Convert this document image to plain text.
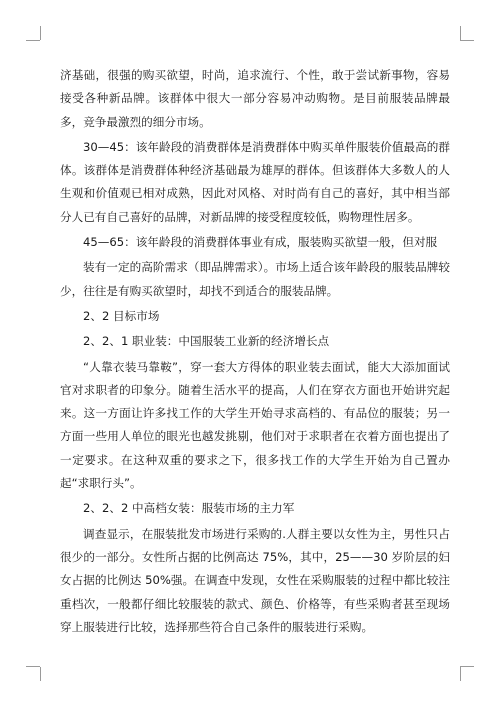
济基础，很强的购买欲望，时尚，追求流行、个性，敢于尝试新事物，容易接受各种新品牌。该群体中很大一部分容易冲动购物。是目前服装品牌最多，竞争最激烈的细分市场。

30—45：该年龄段的消费群体是消费群体中购买单件服装价值最高的群体。该群体是消费群体种经济基础最为雄厚的群体。但该群体大多数人的人生观和价值观已相对成熟，因此对风格、对时尚有自己的喜好，其中相当部分人已有自己喜好的品牌，对新品牌的接受程度较低，购物理性居多。

45—65：该年龄段的消费群体事业有成，服装购买欲望一般，但对服

装有一定的高阶需求（即品牌需求）。市场上适合该年龄段的服装品牌较少，往往是有购买欲望时，却找不到适合的服装品牌。

2、2 目标市场

2、2、1 职业装：中国服装工业新的经济增长点

“人靠衣装马靠鞍”，穿一套大方得体的职业装去面试，能大大添加面试官对求职者的印象分。随着生活水平的提高，人们在穿衣方面也开始讲究起来。这一方面让许多找工作的大学生开始寻求高档的、有品位的服装；另一方面一些用人单位的眼光也越发挑剔，他们对于求职者在衣着方面也提出了一定要求。在这种双重的要求之下，很多找工作的大学生开始为自己置办起“求职行头”。

2、2、2 中高档女装：服装市场的主力军

调查显示，在服装批发市场进行采购的.人群主要以女性为主，男性只占很少的一部分。女性所占据的比例高达 75%，其中，25——30 岁阶层的妇女占据的比例达 50%强。在调查中发现，女性在采购服装的过程中都比较注重档次，一般都仔细比较服装的款式、颜色、价格等，有些采购者甚至现场穿上服装进行比较，选择那些符合自己条件的服装进行采购。
